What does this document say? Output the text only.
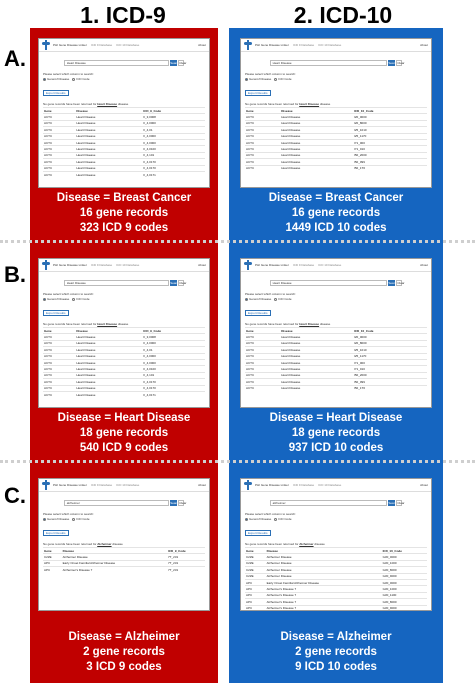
1. ICD-9	2. ICD-10
A.
B.
C.
PHI Gene Disease Linker ICD 9 Database ICD 10 Database	About
Heart Disease	Search Clear
Please select which column to search:
Gene/of Disease ICD Code
Export Results
No gene records have been returned for Heart Disease disease
Gene	Disease	ICD_9_Code
ACTC	Heart Disease	II_3,0008
ACTC	Heart Disease	II_4,0000
ACTC	Heart Disease	II_4,01
ACTC	Heart Disease	II_4,0000
ACTC	Heart Disease	II_4,0000
ACTC	Heart Disease	II_4,0100
ACTC	Heart Disease	II_4,101
ACTC	Heart Disease	II_4,0170
ACTC	Heart Disease	II_4,0170
ACTC	Heart Disease	II_4,0171
Disease = Breast Cancer
16 gene records
323 ICD 9 codes
PHI Gene Disease Linker ICD 9 Database ICD 10 Database	About
Heart Disease	Search Clear
Please select which column to search:
Gene/of Disease ICD Code
Export Results
No gene records have been returned for Heart Disease disease
Gene	Disease	ICD_10_Code
ACTC	Heart Disease	I20_0000
ACTC	Heart Disease	I20_8000
ACTC	Heart Disease	I25_1010
ACTC	Heart Disease	I25_1170
ACTC	Heart Disease	I71_000
ACTC	Heart Disease	I71_010
ACTC	Heart Disease	I50_2000
ACTC	Heart Disease	I50_099
ACTC	Heart Disease	I50_1T0
Disease = Breast Cancer
16 gene records
1449 ICD 10 codes
PHI Gene Disease Linker ICD 9 Database ICD 10 Database	About
Heart Disease	Search Clear
Please select which column to search:
Gene/of Disease ICD Code
Export Results
No gene records have been returned for Heart Disease disease
Gene	Disease	ICD_9_Code
ACTC	Heart Disease	II_3,0008
ACTC	Heart Disease	II_4,0000
ACTC	Heart Disease	II_4,01
ACTC	Heart Disease	II_4,0000
ACTC	Heart Disease	II_4,0000
ACTC	Heart Disease	II_4,0100
ACTC	Heart Disease	II_4,101
ACTC	Heart Disease	II_4,0170
ACTC	Heart Disease	II_4,0170
ACTC	Heart Disease	II_4,0171
Disease = Heart Disease
18 gene records
540 ICD 9 codes
PHI Gene Disease Linker ICD 9 Database ICD 10 Database	About
Heart Disease	Search Clear
Please select which column to search:
Gene/of Disease ICD Code
Export Results
No gene records have been returned for Heart Disease disease
Gene	Disease	ICD_10_Code
ACTC	Heart Disease	I20_0000
ACTC	Heart Disease	I20_8000
ACTC	Heart Disease	I25_1010
ACTC	Heart Disease	I25_1170
ACTC	Heart Disease	I71_000
ACTC	Heart Disease	I71_010
ACTC	Heart Disease	I50_2000
ACTC	Heart Disease	I50_099
ACTC	Heart Disease	I50_1T0
Disease = Heart Disease
18 gene records
937 ICD 10 codes
PHI Gene Disease Linker ICD 9 Database ICD 10 Database	About
alzheimer	Search Clear
Please select which column to search:
Gene/of Disease ICD Code
Export Results
No gene records have been returned for Alzheimer disease
Gene	Disease	ICD_9_Code
C2ZE	Alzheimer Disease	7T_231
APC	Early Onset Familial Alzheimer Disease	7T_231
APC	Alzheimer's Disease 7	7T_231
Disease = Alzheimer
2 gene records
3 ICD 9 codes
PHI Gene Disease Linker ICD 9 Database ICD 10 Database	About
alzheimer	Search Clear
Please select which column to search:
Gene/of Disease ICD Code
Export Results
No gene records have been returned for Alzheimer disease
Gene	Disease	ICD_10_Code
C2ZE	Alzheimer Disease	G30_0000
C2ZE	Alzheimer Disease	G30_1000
C2ZE	Alzheimer Disease	G30_8000
C2ZE	Alzheimer Disease	G30_9000
APC	Early Onset Familial Alzheimer Disease	G30_0000
APC	Alzheimer's Disease 7	G30_1000
APC	Alzheimer's Disease 7	G30_1100
APC	Alzheimer's Disease 7	G30_8000
APC	Alzheimer's Disease 7	G30_9000
Disease = Alzheimer
2 gene records
9 ICD 10 codes
